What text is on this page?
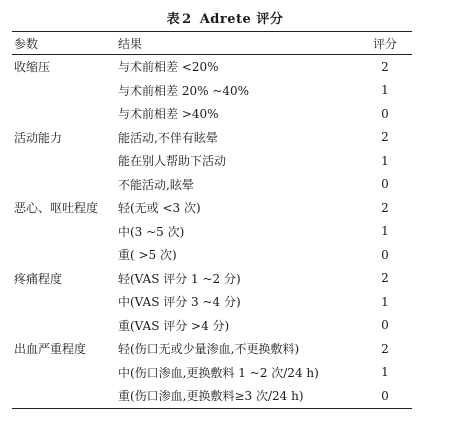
表 2 Adrete 评分
参数	结果	评分
收缩压	与术前相差 <20%	2
	与术前相差 20% ~40%	1
	与术前相差 >40%	0
活动能力	能活动,不伴有眩晕	2
	能在别人帮助下活动	1
	不能活动,眩晕	0
恶心、呕吐程度	轻(无或 <3 次)	2
	中(3 ~5 次)	1
	重( >5 次)	0
疼痛程度	轻(VAS 评分 1 ~2 分)	2
	中(VAS 评分 3 ~4 分)	1
	重(VAS 评分 >4 分)	0
出血严重程度	轻(伤口无或少量渗血,不更换敷料)	2
	中(伤口渗血,更换敷料 1 ~2 次/24 h)	1
	重(伤口渗血,更换敷料≥3 次/24 h)	0
